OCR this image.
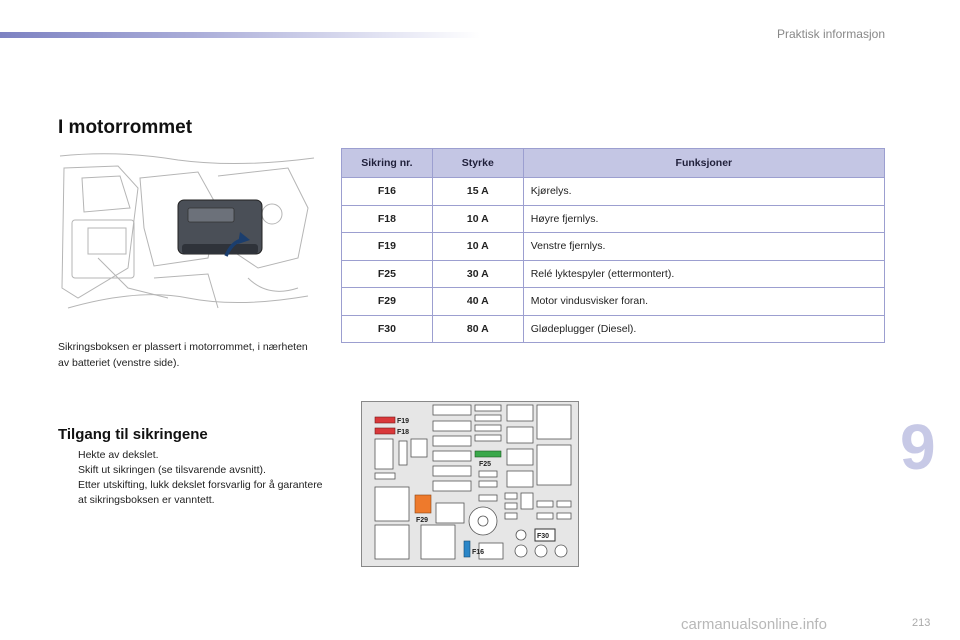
Praktisk informasjon
I motorrommet
Sikringsboksen er plassert i motorrommet, i nærheten av batteriet (venstre side).
Sikring nr.	Styrke	Funksjoner
F16	15 A	Kjørelys.
F18	10 A	Høyre fjernlys.
F19	10 A	Venstre fjernlys.
F25	30 A	Relé lyktespyler (ettermontert).
F29	40 A	Motor vindusvisker foran.
F30	80 A	Glødeplugger (Diesel).
Tilgang til sikringene
Hekte av dekslet.
Skift ut sikringen (se tilsvarende avsnitt).
Etter utskifting, lukk dekslet forsvarlig for å garantere at sikringsboksen er vanntett.
F19
F18
F25
F29
F30
F16
9
carmanualsonline.info	213
